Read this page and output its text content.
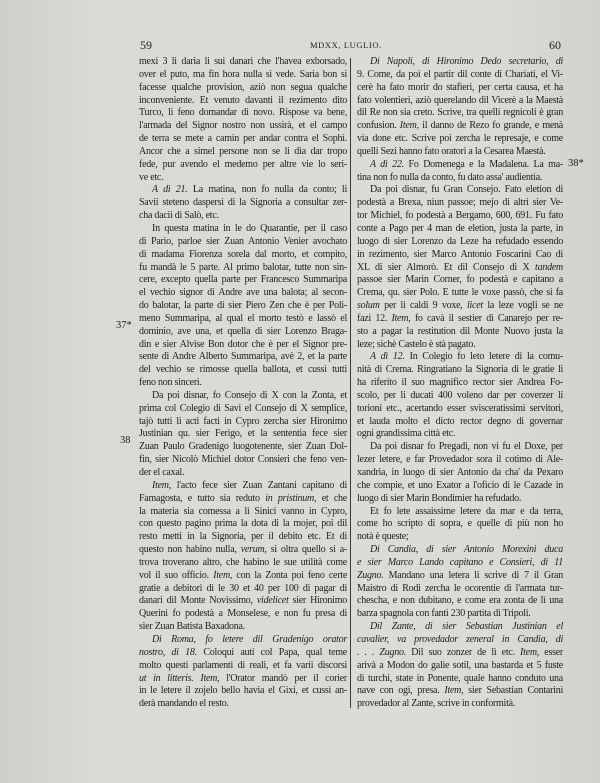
59	MDXX, LUGLIO.	60
37*
38
38*
mexi 3 li daria li sui danari che l'havea exborsado,
over el puto, ma fin hora nulla si vede. Saria bon si
facesse qualche provision, aziò non segua qualche
inconveniente. Et venuto davanti il rezimento dito
Turco, li feno domandar di novo. Rispose va bene,
l'armada del Signor nostro non ussirà, et el campo
de terra se mete a camin per andar contra el Sophì.
Ancor che a simel persone non se li dia dar tropo
fede, pur avendo el medemo per altre vie lo seri-
ve etc.
A dì 21. La matina, non fo nulla da conto; li
Savii steteno daspersi di la Signoria a consultar zer-
cha dacii di Salò, etc.
In questa matina in le do Quarantie, per il caso
di Pario, parloe sier Zuan Antonio Venier avochato
di madama Fiorenza sorela dal morto, et compito,
fu mandà le 5 parte. Al primo balotar, tutte non sin-
cere, excepto quella parte per Francesco Summaripa
el vechio signor di Andre ave una balota; al secon-
do balotar, la parte di sier Piero Zen che è per Poli-
meno Summaripa, al qual el morto testò e lassò el
dominio, ave una, et quella di sier Lorenzo Braga-
din e sier Alvise Bon dotor che è per el Signor pre-
sente di Andre Alberto Summaripa, avè 2, et la parte
del vechio se rimosse quella ballota, et cussì tutti
feno non sinceri.
Da poi disnar, fo Consejo di X con la Zonta, et
prima col Colegio di Savi el Consejo di X semplice,
tajò tutti li acti facti in Cypro zercha sier Hironimo
Justinian qu. sier Ferigo, et la sententia fece sier
Zuan Paulo Gradenigo luogotenente, sier Zuan Dol-
fin, sier Nicolò Michiel dotor Consieri che feno ven-
der el caxal.
Item, l'acto fece sier Zuan Zantani capitano di
Famagosta, e tutto sia reduto in pristinum, et che
la materia sia comessa a li Sinici vanno in Cypro,
con questo pagino prima la dota di la mojer, poi dil
resto metti in la Signoria, per il debito etc. Et di
questo non habino nulla, verum, si oltra quello si a-
trova troverano altro, che habino le sue utilità come
vol il suo officio. Item, con la Zonta poi feno certe
gratie a debitori di le 30 et 40 per 100 di pagar di
danari dil Monte Novissimo, videlicet sier Hironimo
Querini fo podestà a Monselese, e non fu presa di
sier Zuan Batista Baxadona.
Di Roma, fo letere dil Gradenigo orator
nostro, di 18. Coloqui auti col Papa, qual teme
molto questi parlamenti di reali, et fa varii discorsi
ut in litteris. Item, l'Orator mandò per il corier
in le letere il zojelo bello havia el Gixi, et cussì an-
derà mandando el resto.
Di Napoli, di Hironimo Dedo secretario, di
9. Come, da poi el partir dil conte di Chariati, el Vi-
cerè ha fato morir do stafieri, per certa causa, et ha
fato volentieri, aziò querelando dil Vicerè a la Maestà
dil Re non sia creto. Scrive, tra quelli regnicoli è gran
confusion. Item, il danno de Rezo fo grande, e menà
via done etc. Scrive poi zercha le represaje, e come
quelli Sezi hanno fato oratori a la Cesarea Maestà.
A dì 22. Fo Domenega e la Madalena. La ma-
tina non fo nulla da conto, fu dato assa' audientia.
Da poi disnar, fu Gran Consejo. Fato eletion di
podestà a Brexa, niun passoe; mejo di altri sier Ve-
tor Michiel, fo podestà a Bergamo, 600, 691. Fu fato
conte a Pago per 4 man de eletion, justa la parte, in
luogo di sier Lorenzo da Leze ha refudado essendo
in rezimento, sier Marco Antonio Foscarini Cao di
XL di sier Almorò. Et dil Consejo di X tandem
passoe sier Marin Corner, fo podestà e capitano a
Crema, qu. sier Polo. E tutte le voxe passò, che si fa
solum per li caldi 9 voxe, licet la leze vogli se ne
fazi 12. Item, fo cavà il sestier di Canarejo per re-
sto a pagar la restitution dil Monte Nuovo justa la
leze; sichè Castelo è stà pagato.
A dì 12. In Colegio fo leto letere di la comu-
nità di Crema. Ringratiano la Signoria di le gratie li
ha riferito il suo magnifico rector sier Andrea Fo-
scolo, per li ducati 400 voleno dar per coverzer li
torioni etc., acertando esser svisceratissimi servitori,
et lauda molto el dicto rector degno di governar
ogni grandissima città etc.
Da poi disnar fo Pregadi, non vi fu el Doxe, per
lezer letere, e far Provedador sora il cotimo di Ale-
xandria, in luogo di sier Antonio da cha' da Pexaro
che compie, et uno Exator a l'oficio di le Cazade in
luogo di sier Marin Bondimier ha refudado.
Et fo lete assaissime letere da mar e da terra,
come ho scripto di sopra, e quelle di più non ho
notà è queste;
Di Candia, di sier Antonio Morexini duca
e sier Marco Lando capitano e Consieri, di 11
Zugno. Mandano una letera li scrive di 7 il Gran
Maistro di Rodi zercha le ocorentie di l'armata tur-
chescha, e non dubitano, e come era zonta de lì una
barza spagnola con fanti 230 partita di Tripoli.
Dil Zante, di sier Sebastian Justinian el
cavalier, va provedador zeneral in Candia, di
. . . Zugno. Dil suo zonzer de lì etc. Item, esser
arivà a Modon do galie sotil, una bastarda et 5 fuste
di turchi, state in Ponente, quale hanno conduto una
nave con ogi, presa. Item, sier Sebastian Contarini
provedador al Zante, scrive in conformità.
